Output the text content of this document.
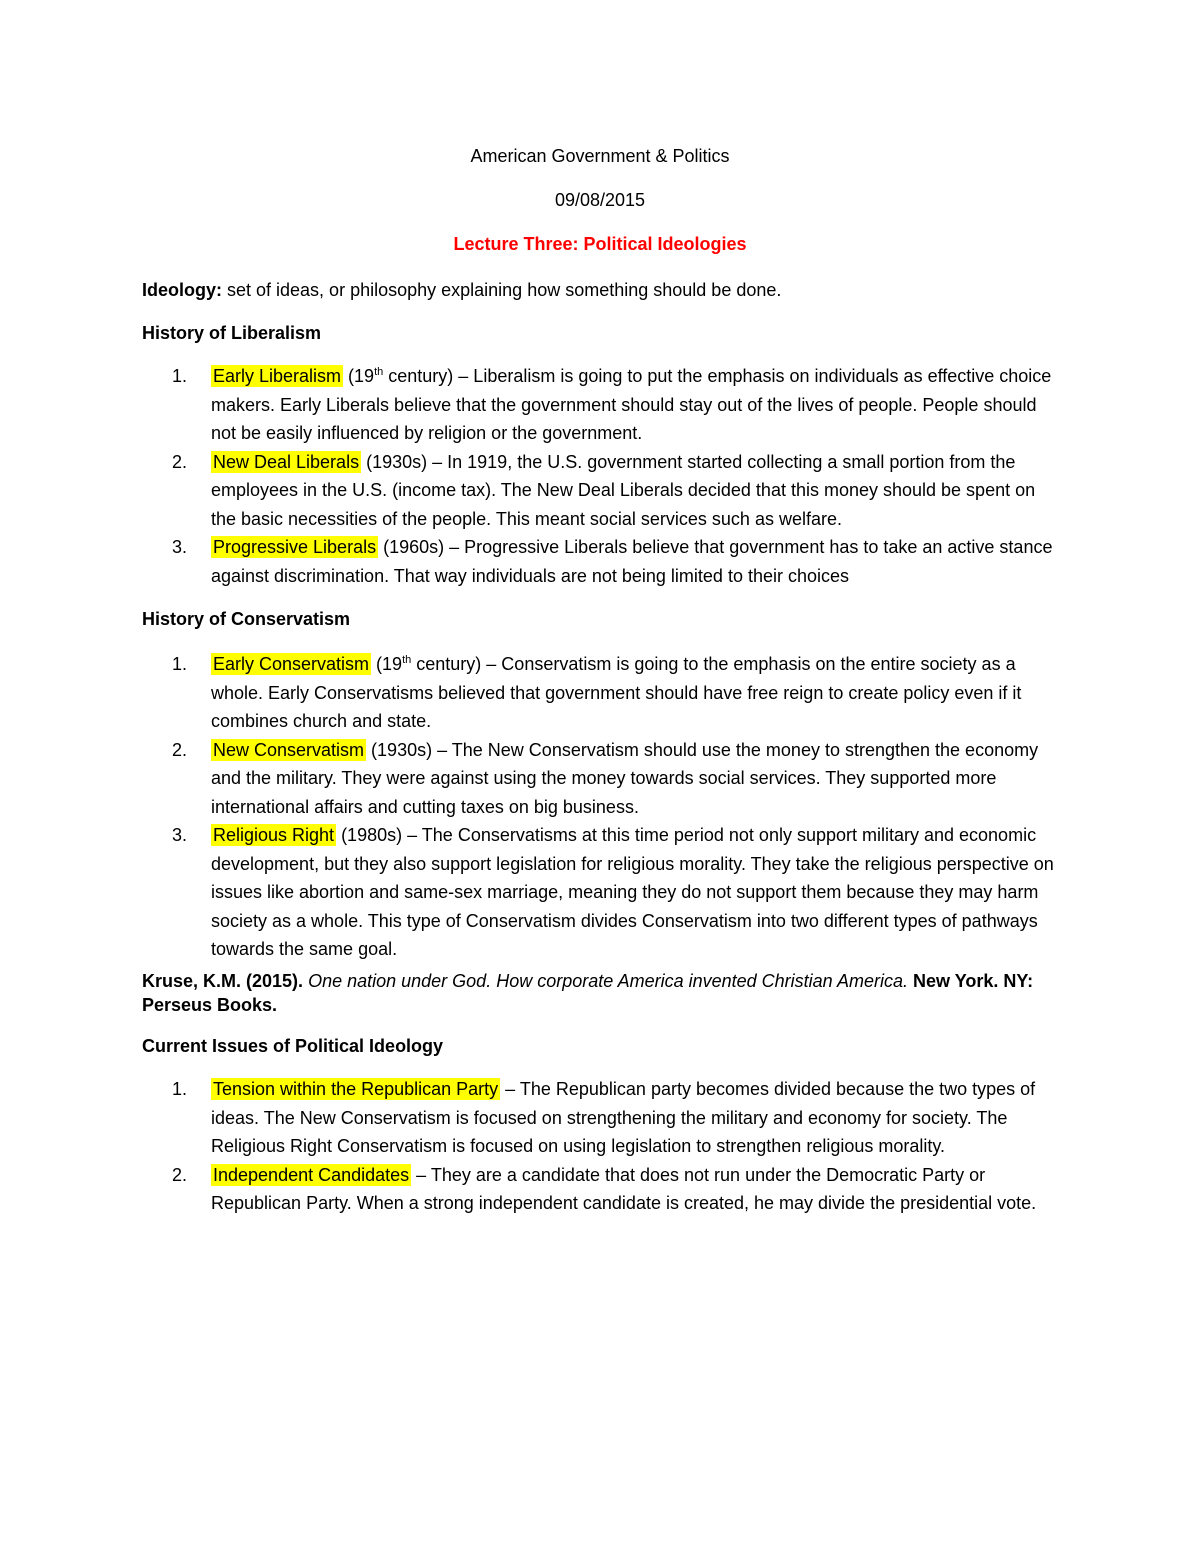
American Government & Politics
09/08/2015
Lecture Three: Political Ideologies
Ideology: set of ideas, or philosophy explaining how something should be done.
History of Liberalism
1. Early Liberalism (19th century) – Liberalism is going to put the emphasis on individuals as effective choice makers. Early Liberals believe that the government should stay out of the lives of people. People should not be easily influenced by religion or the government.
2. New Deal Liberals (1930s) – In 1919, the U.S. government started collecting a small portion from the employees in the U.S. (income tax). The New Deal Liberals decided that this money should be spent on the basic necessities of the people. This meant social services such as welfare.
3. Progressive Liberals (1960s) – Progressive Liberals believe that government has to take an active stance against discrimination. That way individuals are not being limited to their choices
History of Conservatism
1. Early Conservatism (19th century) – Conservatism is going to the emphasis on the entire society as a whole. Early Conservatisms believed that government should have free reign to create policy even if it combines church and state.
2. New Conservatism (1930s) – The New Conservatism should use the money to strengthen the economy and the military. They were against using the money towards social services. They supported more international affairs and cutting taxes on big business.
3. Religious Right (1980s) – The Conservatisms at this time period not only support military and economic development, but they also support legislation for religious morality. They take the religious perspective on issues like abortion and same-sex marriage, meaning they do not support them because they may harm society as a whole. This type of Conservatism divides Conservatism into two different types of pathways towards the same goal.
Kruse, K.M. (2015). One nation under God. How corporate America invented Christian America. New York. NY: Perseus Books.
Current Issues of Political Ideology
1. Tension within the Republican Party – The Republican party becomes divided because the two types of ideas. The New Conservatism is focused on strengthening the military and economy for society. The Religious Right Conservatism is focused on using legislation to strengthen religious morality.
2. Independent Candidates – They are a candidate that does not run under the Democratic Party or Republican Party. When a strong independent candidate is created, he may divide the presidential vote.
